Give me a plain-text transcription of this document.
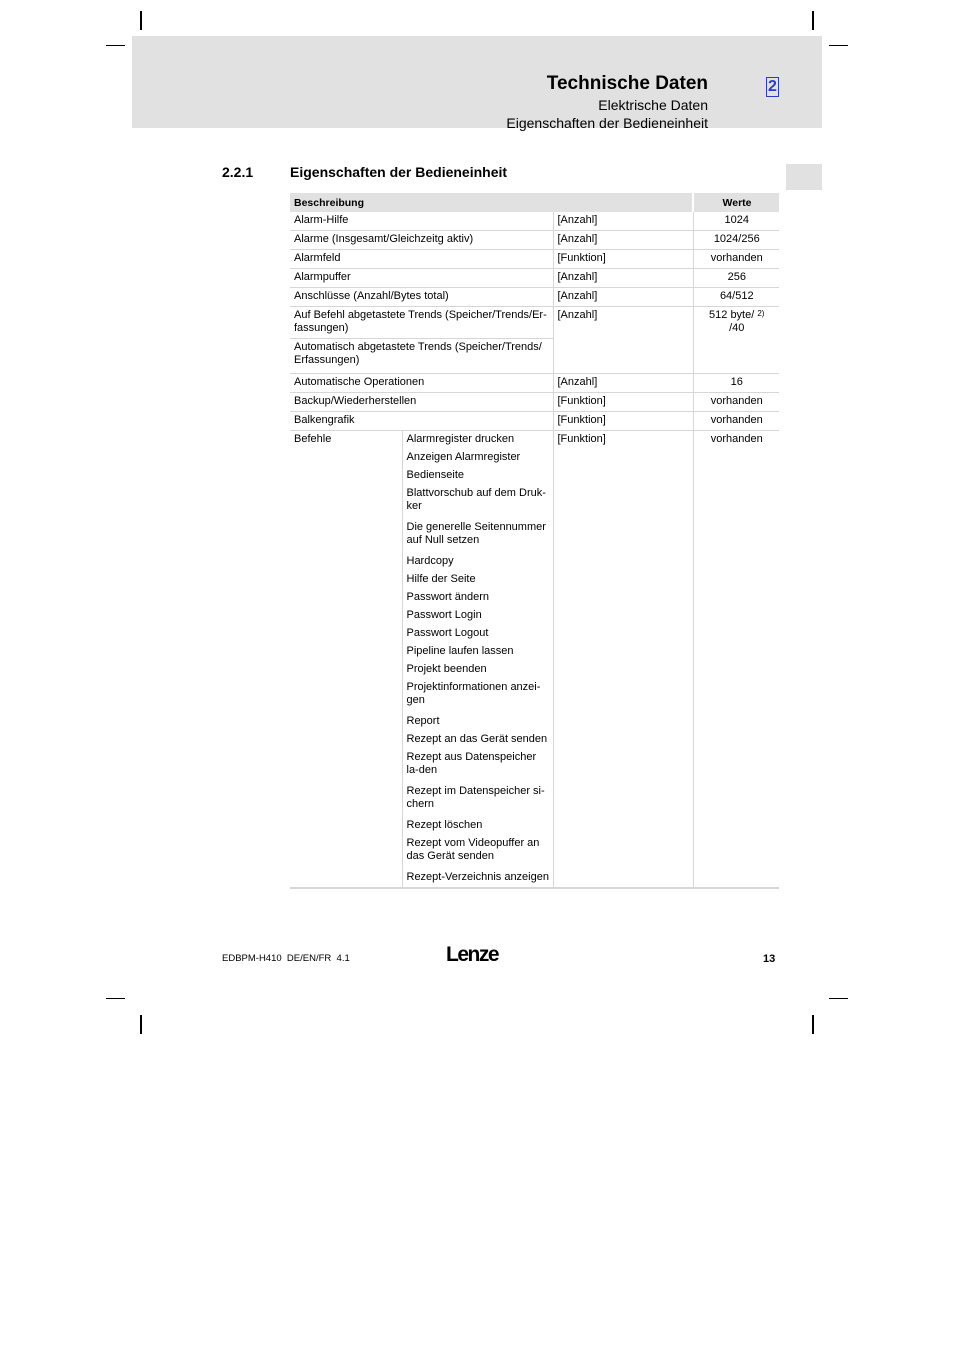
Technische Daten
Elektrische Daten
Eigenschaften der Bedieneinheit
2
2.2.1	Eigenschaften der Bedieneinheit
Beschreibung			Werte
Alarm-Hilfe		[Anzahl]	1024
Alarme (Insgesamt/Gleichzeitg aktiv)		[Anzahl]	1024/256
Alarmfeld		[Funktion]	vorhanden
Alarmpuffer		[Anzahl]	256
Anschlüsse (Anzahl/Bytes total)		[Anzahl]	64/512
Auf Befehl abgetastete Trends (Speicher/Trends/Er-fassungen)		[Anzahl]	512 byte/ $^{2)}$
/40
Automatisch abgetastete Trends (Speicher/Trends/ Erfassungen)			
Automatische Operationen		[Anzahl]	16
Backup/Wiederherstellen		[Funktion]	vorhanden
Balkengrafik		[Funktion]	vorhanden
Befehle	Alarmregister drucken	[Funktion]	vorhanden
	Anzeigen Alarmregister		
	Bedienseite		
	Blattvorschub auf dem Druk-ker		
	Die generelle Seitennummer auf Null setzen		
	Hardcopy		
	Hilfe der Seite		
	Passwort ändern		
	Passwort Login		
	Passwort Logout		
	Pipeline laufen lassen		
	Projekt beenden		
	Projektinformationen anzei-gen		
	Report		
	Rezept an das Gerät senden		
	Rezept aus Datenspeicher la-den		
	Rezept im Datenspeicher si-chern		
	Rezept löschen		
	Rezept vom Videopuffer an das Gerät senden		
	Rezept-Verzeichnis anzeigen		
EDBPM-H410  DE/EN/FR  4.1	Lenze	13
